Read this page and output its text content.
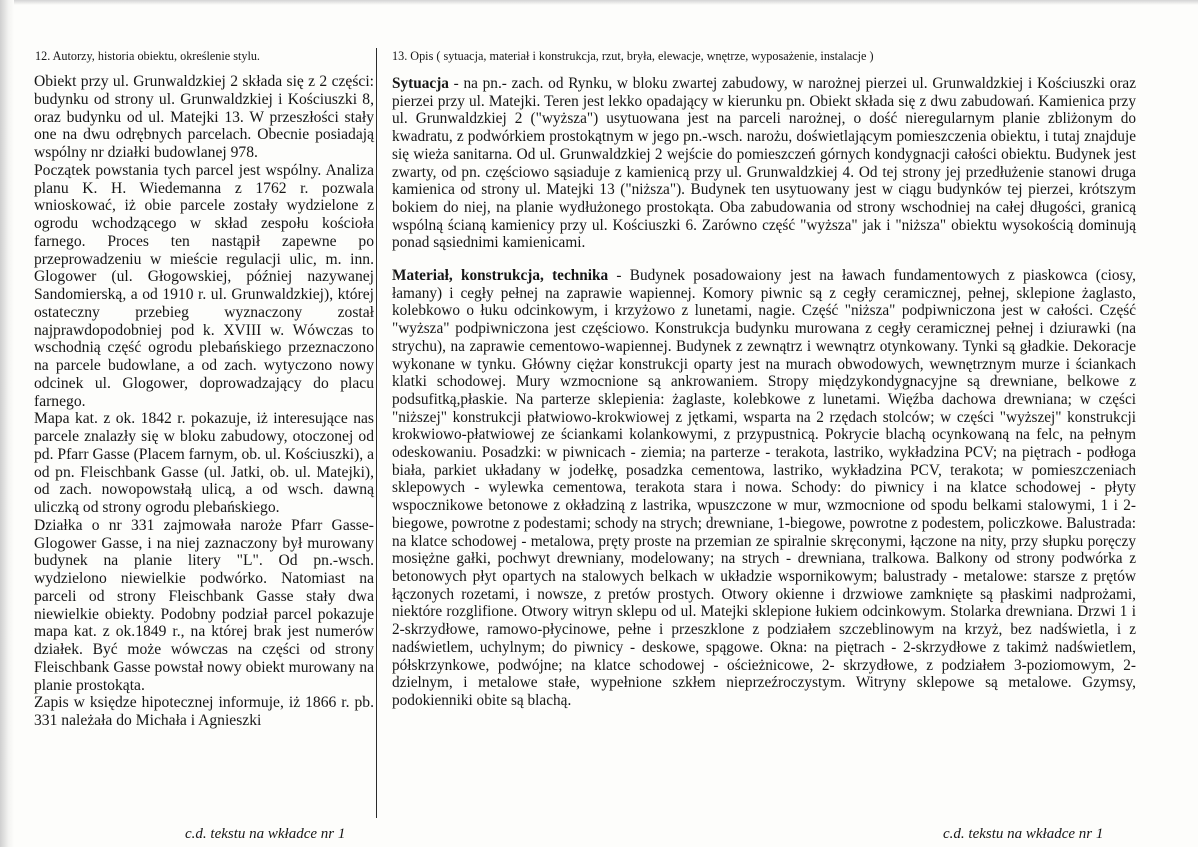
12. Autorzy, historia obiektu, określenie stylu.

Obiekt przy ul. Grunwaldzkiej 2 składa się z 2 części: budynku od strony ul. Grunwaldzkiej i Kościuszki 8, oraz budynku od ul. Matejki 13. W przeszłości stały one na dwu odrębnych parcelach. Obecnie posiadają wspólny nr działki budowlanej 978.

Początek powstania tych parcel jest wspólny. Analiza planu K. H. Wiedemanna z 1762 r. pozwala wnioskować, iż obie parcele zostały wydzielone z ogrodu wchodzącego w skład zespołu kościoła farnego. Proces ten nastąpił zapewne po przeprowadzeniu w mieście regulacji ulic, m. inn. Glogower (ul. Głogowskiej, później nazywanej Sandomierską, a od 1910 r. ul. Grunwaldzkiej), której ostateczny przebieg wyznaczony został najprawdopodobniej pod k. XVIII w. Wówczas to wschodnią część ogrodu plebańskiego przeznaczono na parcele budowlane, a od zach. wytyczono nowy odcinek ul. Glogower, doprowadzający do placu farnego.

Mapa kat. z ok. 1842 r. pokazuje, iż interesujące nas parcele znalazły się w bloku zabudowy, otoczonej od pd. Pfarr Gasse (Placem farnym, ob. ul. Kościuszki), a od pn. Fleischbank Gasse (ul. Jatki, ob. ul. Matejki), od zach. nowopowstałą ulicą, a od wsch. dawną uliczką od strony ogrodu plebańskiego.

Działka o nr 331 zajmowała naroże Pfarr Gasse-Glogower Gasse, i na niej zaznaczony był murowany budynek na planie litery "L". Od pn.-wsch. wydzielono niewielkie podwórko. Natomiast na parceli od strony Fleischbank Gasse stały dwa niewielkie obiekty. Podobny podział parcel pokazuje mapa kat. z ok.1849 r., na której brak jest numerów działek. Być może wówczas na części od strony Fleischbank Gasse powstał nowy obiekt murowany na planie prostokąta.

Zapis w księdze hipotecznej informuje, iż 1866 r. pb. 331 należała do Michała i Agnieszki

13. Opis ( sytuacja, materiał i konstrukcja, rzut, bryła, elewacje, wnętrze, wyposażenie, instalacje )

Sytuacja - na pn.- zach. od Rynku, w bloku zwartej zabudowy, w narożnej pierzei ul. Grunwaldzkiej i Kościuszki oraz pierzei przy ul. Matejki. Teren jest lekko opadający w kierunku pn. Obiekt składa się z dwu zabudowań. Kamienica przy ul. Grunwaldzkiej 2 ("wyższa") usytuowana jest na parceli narożnej, o dość nieregularnym planie zbliżonym do kwadratu, z podwórkiem prostokątnym w jego pn.-wsch. narożu, doświetlającym pomieszczenia obiektu, i tutaj znajduje się wieża sanitarna. Od ul. Grunwaldzkiej 2 wejście do pomieszczeń górnych kondygnacji całości obiektu. Budynek jest zwarty, od pn. częściowo sąsiaduje z kamienicą przy ul. Grunwaldzkiej 4. Od tej strony jej przedłużenie stanowi druga kamienica od strony ul. Matejki 13 ("niższa"). Budynek ten usytuowany jest w ciągu budynków tej pierzei, krótszym bokiem do niej, na planie wydłużonego prostokąta. Oba zabudowania od strony wschodniej na całej długości, granicą wspólną ścianą kamienicy przy ul. Kościuszki 6. Zarówno część "wyższa" jak i "niższa" obiektu wysokością dominują ponad sąsiednimi kamienicami.

Materiał, konstrukcja, technika - Budynek posadowaiony jest na ławach fundamentowych z piaskowca (ciosy, łamany) i cegły pełnej na zaprawie wapiennej. Komory piwnic są z cegły ceramicznej, pełnej, sklepione żaglasto, kolebkowo o łuku odcinkowym, i krzyżowo z lunetami, nagie. Część "niższa" podpiwniczona jest w całości. Część "wyższa" podpiwniczona jest częściowo. Konstrukcja budynku murowana z cegły ceramicznej pełnej i dziurawki (na strychu), na zaprawie cementowo-wapiennej. Budynek z zewnątrz i wewnątrz otynkowany. Tynki są gładkie. Dekoracje wykonane w tynku. Główny ciężar konstrukcji oparty jest na murach obwodowych, wewnętrznym murze i ściankach klatki schodowej. Mury wzmocnione są ankrowaniem. Stropy międzykondygnacyjne są drewniane, belkowe z podsufitką,płaskie. Na parterze sklepienia: żaglaste, kolebkowe z lunetami. Więźba dachowa drewniana; w części "niższej" konstrukcji płatwiowo-krokwiowej z jętkami, wsparta na 2 rzędach stolców; w części "wyższej" konstrukcji krokwiowo-płatwiowej ze ściankami kolankowymi, z przypustnicą. Pokrycie blachą ocynkowaną na felc, na pełnym odeskowaniu. Posadzki: w piwnicach - ziemia; na parterze - terakota, lastriko, wykładzina PCV; na piętrach - podłoga biała, parkiet układany w jodełkę, posadzka cementowa, lastriko, wykładzina PCV, terakota; w pomieszczeniach sklepowych - wylewka cementowa, terakota stara i nowa. Schody: do piwnicy i na klatce schodowej - płyty wspocznikowe betonowe z okładziną z lastrika, wpuszczone w mur, wzmocnione od spodu belkami stalowymi, 1 i 2-biegowe, powrotne z podestami; schody na strych; drewniane, 1-biegowe, powrotne z podestem, policzkowe. Balustrada: na klatce schodowej - metalowa, pręty proste na przemian ze spiralnie skręconymi, łączone na nity, przy słupku poręczy mosiężne gałki, pochwyt drewniany, modelowany; na strych - drewniana, tralkowa. Balkony od strony podwórka z betonowych płyt opartych na stalowych belkach w układzie wspornikowym; balustrady - metalowe: starsze z prętów łączonych rozetami, i nowsze, z pretów prostych. Otwory okienne i drzwiowe zamknięte są płaskimi nadprożami, niektóre rozglifione. Otwory witryn sklepu od ul. Matejki sklepione łukiem odcinkowym. Stolarka drewniana. Drzwi 1 i 2-skrzydłowe, ramowo-płycinowe, pełne i przeszklone z podziałem szczeblinowym na krzyż, bez nadświetla, i z nadświetlem, uchylnym; do piwnicy - deskowe, spągowe. Okna: na piętrach - 2-skrzydłowe z takimż nadświetlem, półskrzynkowe, podwójne; na klatce schodowej - ościeżnicowe, 2- skrzydłowe, z podziałem 3-poziomowym, 2-dzielnym, i metalowe stałe, wypełnione szkłem nieprzeźroczystym. Witryny sklepowe są metalowe. Gzymsy, podokienniki obite są blachą.

c.d. tekstu na wkładce nr 1	c.d. tekstu na wkładce nr 1
